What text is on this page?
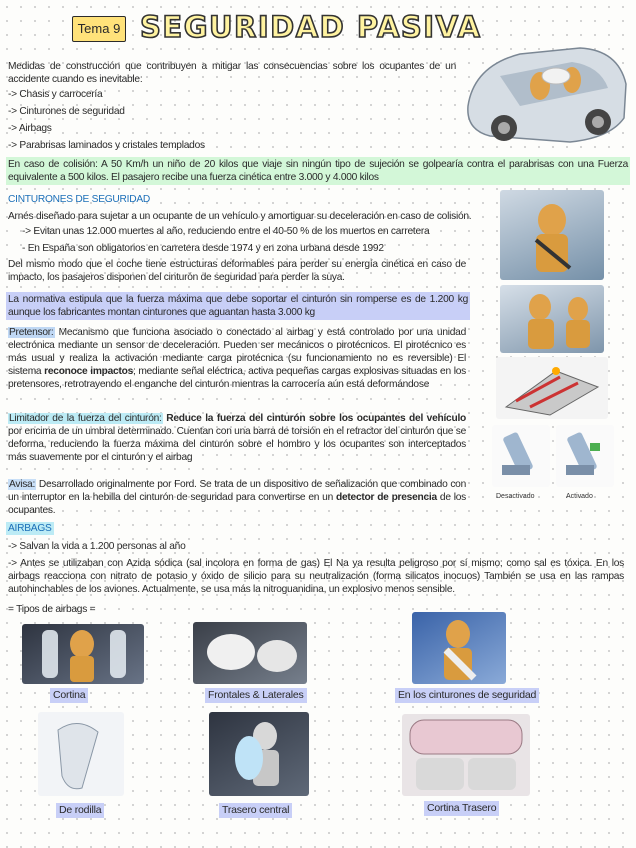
Tema 9 SEGURIDAD PASIVA

Medidas de construcción que contribuyen a mitigar las consecuencias sobre los ocupantes de un accidente cuando es inevitable:

-> Chasis y carrocería

-> Cinturones de seguridad

-> Airbags

-> Parabrisas laminados y cristales templados

En caso de colisión: A 50 Km/h un niño de 20 kilos que viaje sin ningún tipo de sujeción se golpearía contra el parabrisas con una Fuerza equivalente a 500 kilos. El pasajero recibe una fuerza cinética entre 3.000 y 4.000 kilos

CINTURONES DE SEGURIDAD

Arnés diseñado para sujetar a un ocupante de un vehículo y amortiguar su deceleración en caso de colisión.

-> Evitan unas 12.000 muertes al año, reduciendo entre el 40-50 % de los muertos en carretera

- En España son obligatorios en carretera desde 1974 y en zona urbana desde 1992

Del mismo modo que el coche tiene estructuras deformables para perder su energía cinética en caso de impacto, los pasajeros disponen del cinturón de seguridad para perder la suya.

La normativa estipula que la fuerza máxima que debe soportar el cinturón sin romperse es de 1.200 kg aunque los fabricantes montan cinturones que aguantan hasta 3.000 kg

Pretensor: Mecanismo que funciona asociado o conectado al airbag y está controlado por una unidad electrónica mediante un sensor de deceleración. Pueden ser mecánicos o pirotécnicos. El pirotécnico es más usual y realiza la activación mediante carga pirotécnica (su funcionamiento no es reversible) El sistema reconoce impactos; mediante señal eléctrica, activa pequeñas cargas explosivas situadas en los pretensores, retrotrayendo el enganche del cinturón mientras la carrocería aún está deformándose

Limitador de la fuerza del cinturón: Reduce la fuerza del cinturón sobre los ocupantes del vehículo por encima de un umbral determinado. Cuentan con una barra de torsión en el retractor del cinturón que se deforma, reduciendo la fuerza máxima del cinturón sobre el hombro y los ocupantes son interceptados más suavemente por el cinturón y el airbag

Avisa: Desarrollado originalmente por Ford. Se trata de un dispositivo de señalización que combinado con un interruptor en la hebilla del cinturón de seguridad para convertirse en un detector de presencia de los ocupantes.

Desactivado	Activado

AIRBAGS

-> Salvan la vida a 1.200 personas al año

-> Antes se utilizaban con Azida sódica (sal incolora en forma de gas) El Na ya resulta peligroso por sí mismo; como sal es tóxica. En los airbags reacciona con nitrato de potasio y óxido de silicio para su neutralización (forma silicatos inocuos) También se usa en las rampas autohinchables de los aviones. Actualmente, se usa más la nitroguanidina, un explosivo menos sensible.

= Tipos de airbags =

Cortina	Frontales & Laterales	En los cinturones de seguridad
De rodilla	Trasero central	Cortina Trasero
